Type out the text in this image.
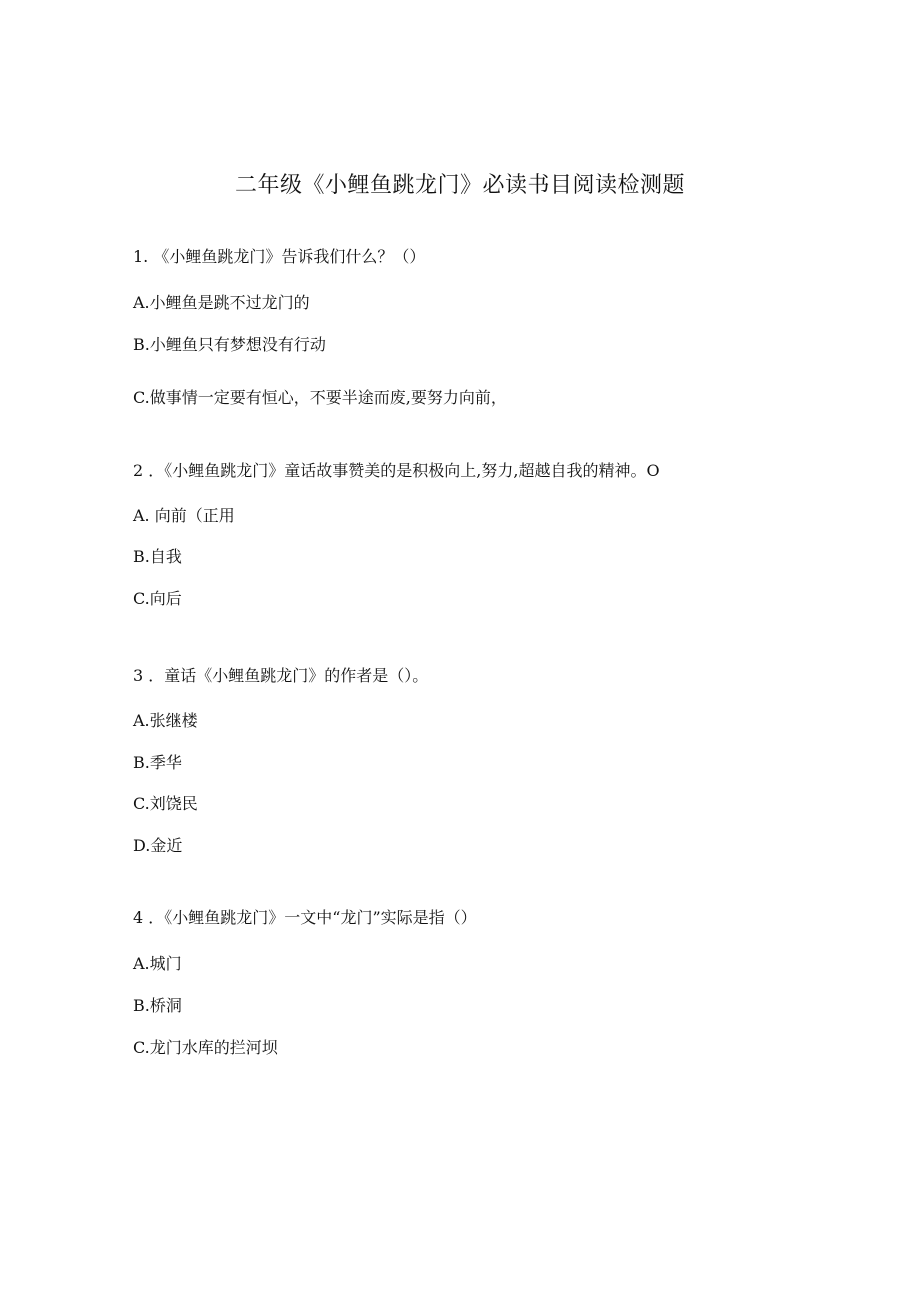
二年级《小鲤鱼跳龙门》必读书目阅读检测题
1. 《小鲤鱼跳龙门》告诉我们什么？（）
A.小鲤鱼是跳不过龙门的
B.小鲤鱼只有梦想没有行动
C.做事情一定要有恒心，不要半途而废,要努力向前，
2 ．《小鲤鱼跳龙门》童话故事赞美的是积极向上,努力,超越自我的精神。O
A. 向前（正用
B.自我
C.向后
3 ．童话《小鲤鱼跳龙门》的作者是（）。
A.张继楼
B.季华
C.刘饶民
D.金近
4 ．《小鲤鱼跳龙门》一文中“龙门”实际是指（）
A.城门
B.桥洞
C.龙门水库的拦河坝
